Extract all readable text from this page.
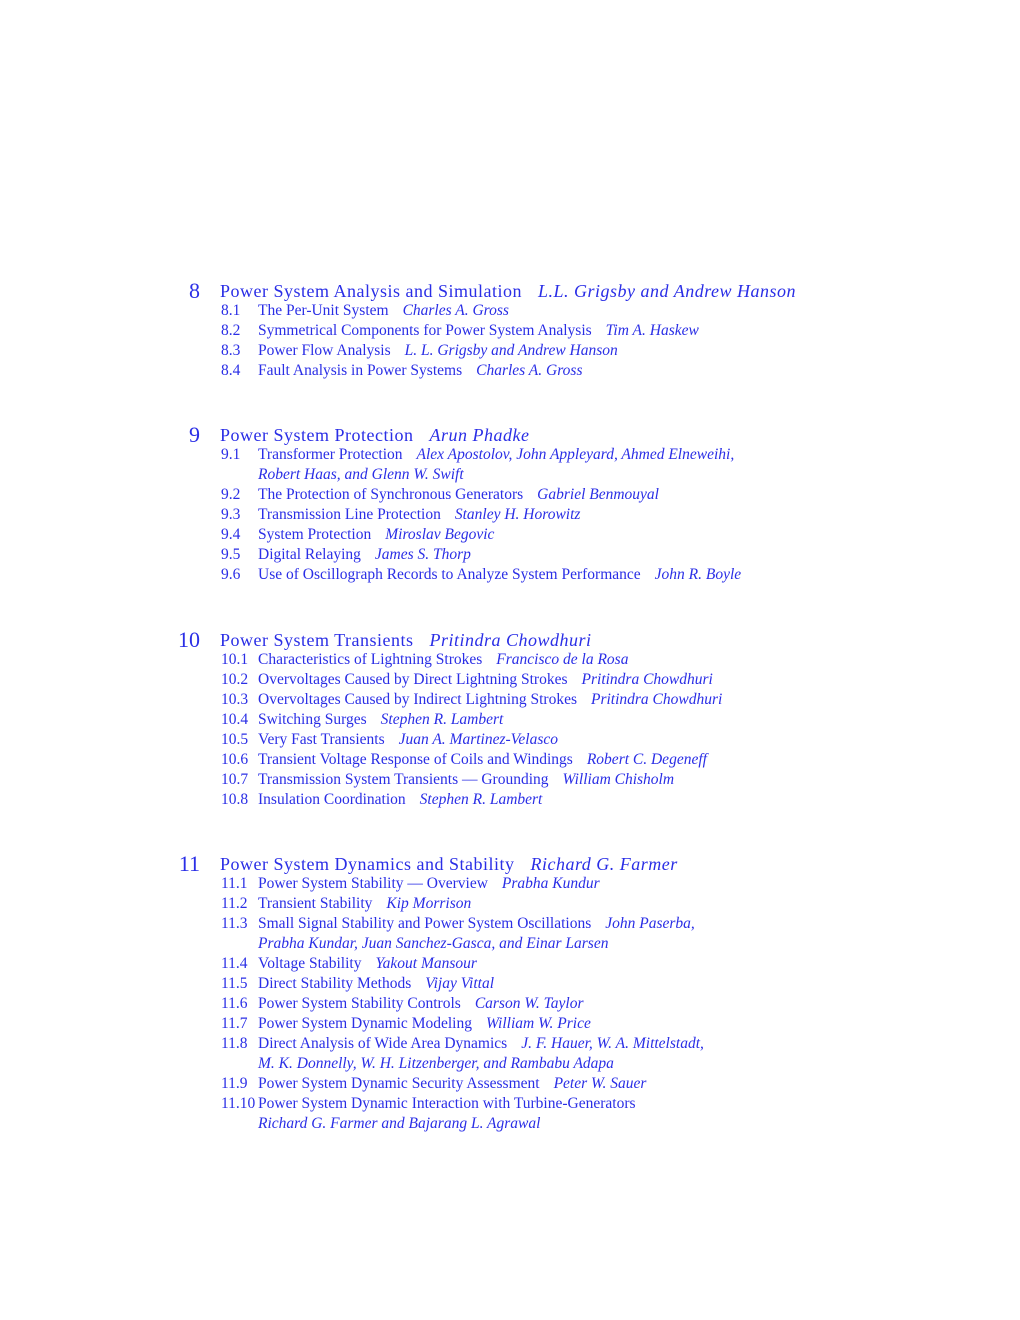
8 Power System Analysis and Simulation L.L. Grigsby and Andrew Hanson
8.1 The Per-Unit System Charles A. Gross
8.2 Symmetrical Components for Power System Analysis Tim A. Haskew
8.3 Power Flow Analysis L. L. Grigsby and Andrew Hanson
8.4 Fault Analysis in Power Systems Charles A. Gross
9 Power System Protection Arun Phadke
9.1 Transformer Protection Alex Apostolov, John Appleyard, Ahmed Elneweihi,
Robert Haas, and Glenn W. Swift
9.2 The Protection of Synchronous Generators Gabriel Benmouyal
9.3 Transmission Line Protection Stanley H. Horowitz
9.4 System Protection Miroslav Begovic
9.5 Digital Relaying James S. Thorp
9.6 Use of Oscillograph Records to Analyze System Performance John R. Boyle
10 Power System Transients Pritindra Chowdhuri
10.1 Characteristics of Lightning Strokes Francisco de la Rosa
10.2 Overvoltages Caused by Direct Lightning Strokes Pritindra Chowdhuri
10.3 Overvoltages Caused by Indirect Lightning Strokes Pritindra Chowdhuri
10.4 Switching Surges Stephen R. Lambert
10.5 Very Fast Transients Juan A. Martinez-Velasco
10.6 Transient Voltage Response of Coils and Windings Robert C. Degeneff
10.7 Transmission System Transients — Grounding William Chisholm
10.8 Insulation Coordination Stephen R. Lambert
11 Power System Dynamics and Stability Richard G. Farmer
11.1 Power System Stability — Overview Prabha Kundur
11.2 Transient Stability Kip Morrison
11.3 Small Signal Stability and Power System Oscillations John Paserba,
Prabha Kundar, Juan Sanchez-Gasca, and Einar Larsen
11.4 Voltage Stability Yakout Mansour
11.5 Direct Stability Methods Vijay Vittal
11.6 Power System Stability Controls Carson W. Taylor
11.7 Power System Dynamic Modeling William W. Price
11.8 Direct Analysis of Wide Area Dynamics J. F. Hauer, W. A. Mittelstadt,
M. K. Donnelly, W. H. Litzenberger, and Rambabu Adapa
11.9 Power System Dynamic Security Assessment Peter W. Sauer
11.10 Power System Dynamic Interaction with Turbine-Generators
Richard G. Farmer and Bajarang L. Agrawal
